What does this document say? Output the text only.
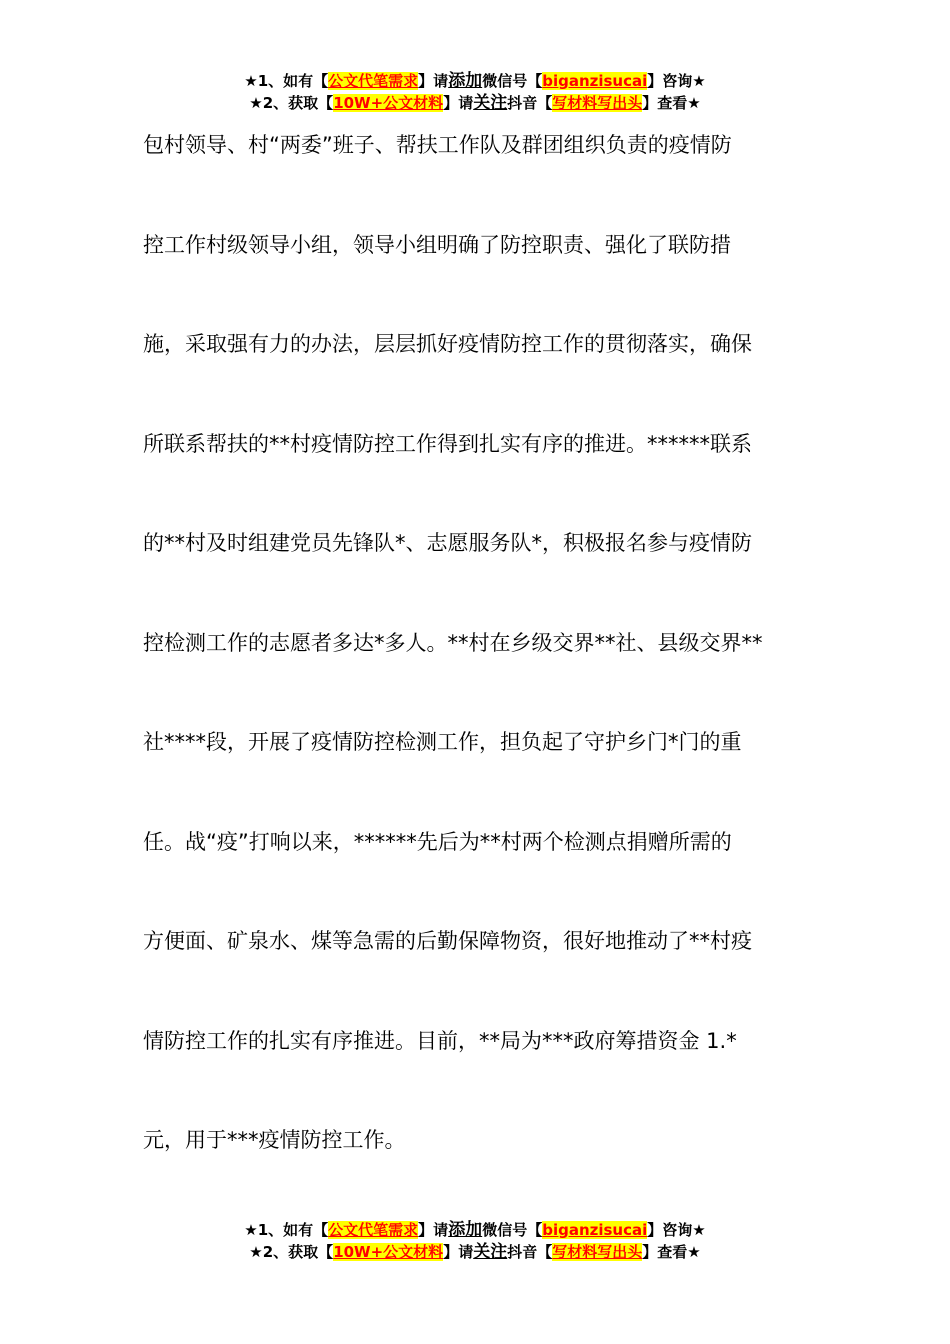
★1、如有【公文代笔需求】请添加微信号【biganzisucai】咨询★
★2、获取【10W+公文材料】请关注抖音【写材料写出头】查看★
包村领导、村“两委”班子、帮扶工作队及群团组织负责的疫情防
控工作村级领导小组，领导小组明确了防控职责、强化了联防措
施，采取强有力的办法，层层抓好疫情防控工作的贯彻落实，确保
所联系帮扶的**村疫情防控工作得到扎实有序的推进。******联系
的**村及时组建党员先锋队*、志愿服务队*，积极报名参与疫情防
控检测工作的志愿者多达*多人。**村在乡级交界**社、县级交界**
社****段，开展了疫情防控检测工作，担负起了守护乡门*门的重
任。战“疫”打响以来，******先后为**村两个检测点捐赠所需的
方便面、矿泉水、煤等急需的后勤保障物资，很好地推动了**村疫
情防控工作的扎实有序推进。目前，**局为***政府筹措资金 1.*
元，用于***疫情防控工作。
★1、如有【公文代笔需求】请添加微信号【biganzisucai】咨询★
★2、获取【10W+公文材料】请关注抖音【写材料写出头】查看★
